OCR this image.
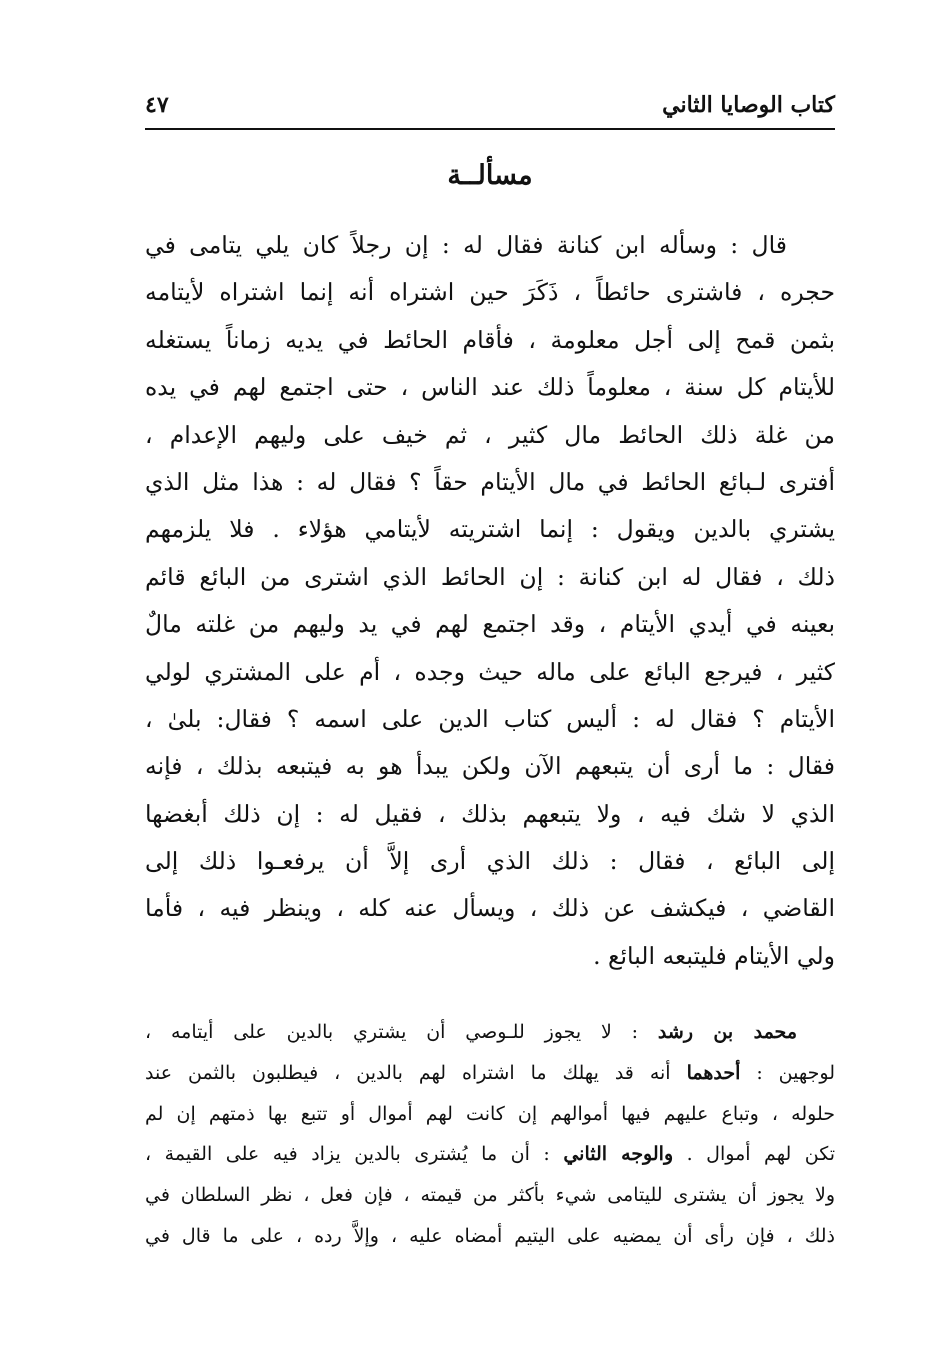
كتاب الوصايا الثاني
٤٧
مسألــة
قال : وسأله ابن كنانة فقال له : إن رجلاً كان يلي يتامى في
حجره ، فاشترى حائطاً ، ذَكَرَ حين اشتراه أنه إنما اشتراه لأيتامه
بثمن قمح إلى أجل معلومة ، فأقام الحائط في يديه زماناً يستغله
للأيتام كل سنة ، معلوماً ذلك عند الناس ، حتى اجتمع لهم في يده
من غلة ذلك الحائط مال كثير ، ثم خيف على وليهم الإعدام ،
أفترى لـبائع الحائط في مال الأيتام حقاً ؟ فقال له : هذا مثل الذي
يشتري بالدين ويقول : إنما اشتريته لأيتامي هؤلاء . فلا يلزمهم
ذلك ، فقال له ابن كنانة : إن الحائط الذي اشترى من البائع قائم
بعينه في أيدي الأيتام ، وقد اجتمع لهم في يد وليهم من غلته مالٌ
كثير ، فيرجع البائع على ماله حيث وجده ، أم على المشتري لولي
الأيتام ؟ فقال له : أليس كتاب الدين على اسمه ؟ فقال: بلىٰ ،
فقال : ما أرى أن يتبعهم الآن ولكن يبدأ هو به فيتبعه بذلك ، فإنه
الذي لا شك فيه ، ولا يتبعهم بذلك ، فقيل له : إن ذلك أبغضها
إلى البائع ، فقال : ذلك الذي أرى إلاَّ أن يرفعـوا ذلك إلى
القاضي ، فيكشف عن ذلك ، ويسأل عنه كله ، وينظر فيه ، فأما
ولي الأيتام فليتبعه البائع .
محمد بن رشد : لا يجوز للـوصي أن يشتري بالدين على أيتامه ،
لوجهين : أحدهما أنه قد يهلك ما اشتراه لهم بالدين ، فيطلبون بالثمن عند
حلوله ، وتباع عليهم فيها أموالهم إن كانت لهم أموال أو تتبع بها ذمتهم إن لم
تكن لهم أموال . والوجه الثاني : أن ما يُشترى بالدين يزاد فيه على القيمة ،
ولا يجوز أن يشترى لليتامى شيء بأكثر من قيمته ، فإن فعل ، نظر السلطان في
ذلك ، فإن رأى أن يمضيه على اليتيم أمضاه عليه ، وإلاَّ رده ، على ما قال في
